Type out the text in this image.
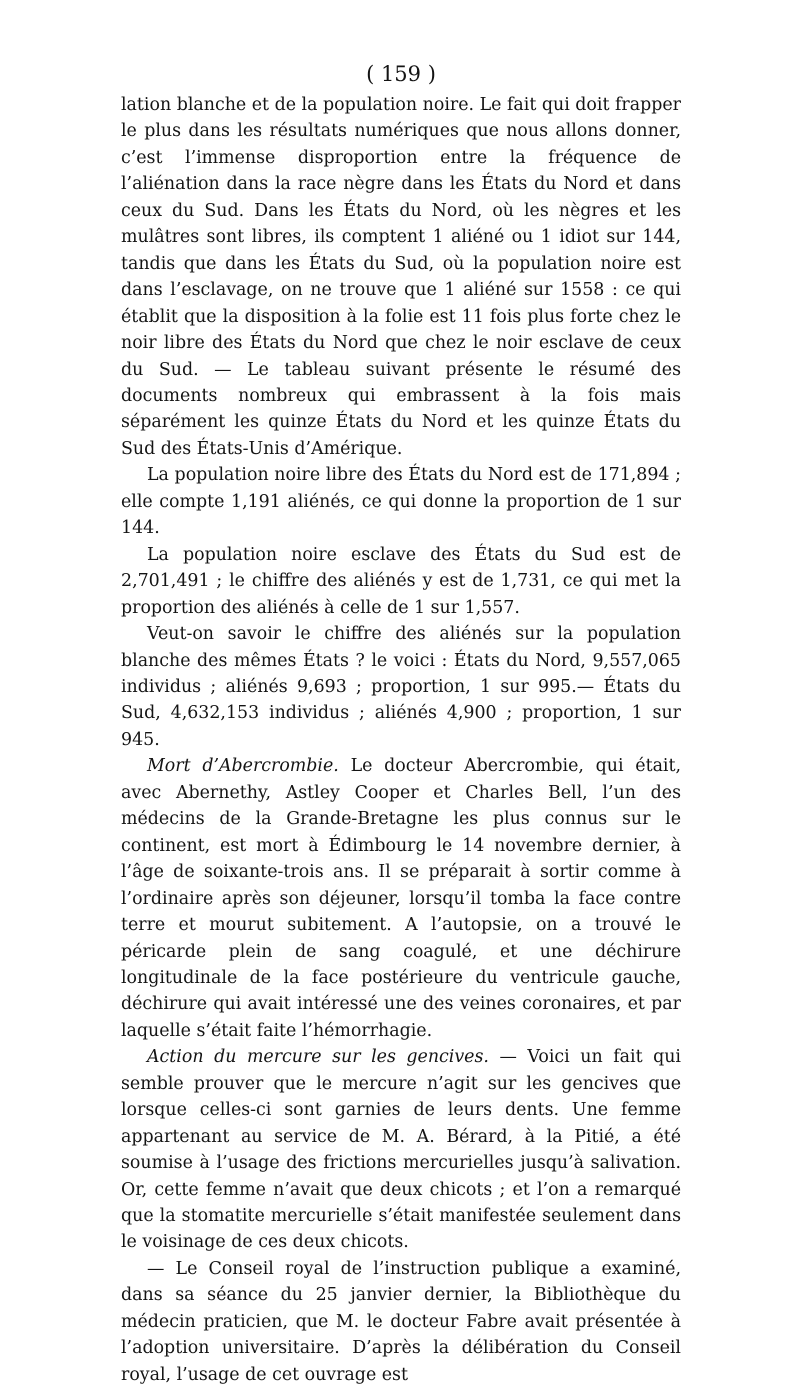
( 159 )

lation blanche et de la population noire. Le fait qui doit frapper le plus dans les résultats numériques que nous allons donner, c’est l’immense disproportion entre la fréquence de l’aliénation dans la race nègre dans les États du Nord et dans ceux du Sud. Dans les États du Nord, où les nègres et les mulâtres sont libres, ils comptent 1 aliéné ou 1 idiot sur 144, tandis que dans les États du Sud, où la population noire est dans l’esclavage, on ne trouve que 1 aliéné sur 1558 : ce qui établit que la disposition à la folie est 11 fois plus forte chez le noir libre des États du Nord que chez le noir esclave de ceux du Sud. — Le tableau suivant présente le résumé des documents nombreux qui embrassent à la fois mais séparément les quinze États du Nord et les quinze États du Sud des États-Unis d’Amérique.

La population noire libre des États du Nord est de 171,894 ; elle compte 1,191 aliénés, ce qui donne la proportion de 1 sur 144.

La population noire esclave des États du Sud est de 2,701,491 ; le chiffre des aliénés y est de 1,731, ce qui met la proportion des aliénés à celle de 1 sur 1,557.

Veut-on savoir le chiffre des aliénés sur la population blanche des mêmes États ? le voici : États du Nord, 9,557,065 individus ; aliénés 9,693 ; proportion, 1 sur 995.— États du Sud, 4,632,153 individus ; aliénés 4,900 ; proportion, 1 sur 945.

Mort d’Abercrombie. Le docteur Abercrombie, qui était, avec Abernethy, Astley Cooper et Charles Bell, l’un des médecins de la Grande-Bretagne les plus connus sur le continent, est mort à Édimbourg le 14 novembre dernier, à l’âge de soixante-trois ans. Il se préparait à sortir comme à l’ordinaire après son déjeuner, lorsqu’il tomba la face contre terre et mourut subitement. A l’autopsie, on a trouvé le péricarde plein de sang coagulé, et une déchirure longitudinale de la face postérieure du ventricule gauche, déchirure qui avait intéressé une des veines coronaires, et par laquelle s’était faite l’hémorrhagie.

Action du mercure sur les gencives. — Voici un fait qui semble prouver que le mercure n’agit sur les gencives que lorsque celles-ci sont garnies de leurs dents. Une femme appartenant au service de M. A. Bérard, à la Pitié, a été soumise à l’usage des frictions mercurielles jusqu’à salivation. Or, cette femme n’avait que deux chicots ; et l’on a remarqué que la stomatite mercurielle s’était manifestée seulement dans le voisinage de ces deux chicots.

— Le Conseil royal de l’instruction publique a examiné, dans sa séance du 25 janvier dernier, la Bibliothèque du médecin praticien, que M. le docteur Fabre avait présentée à l’adoption universitaire. D’après la délibération du Conseil royal, l’usage de cet ouvrage est
